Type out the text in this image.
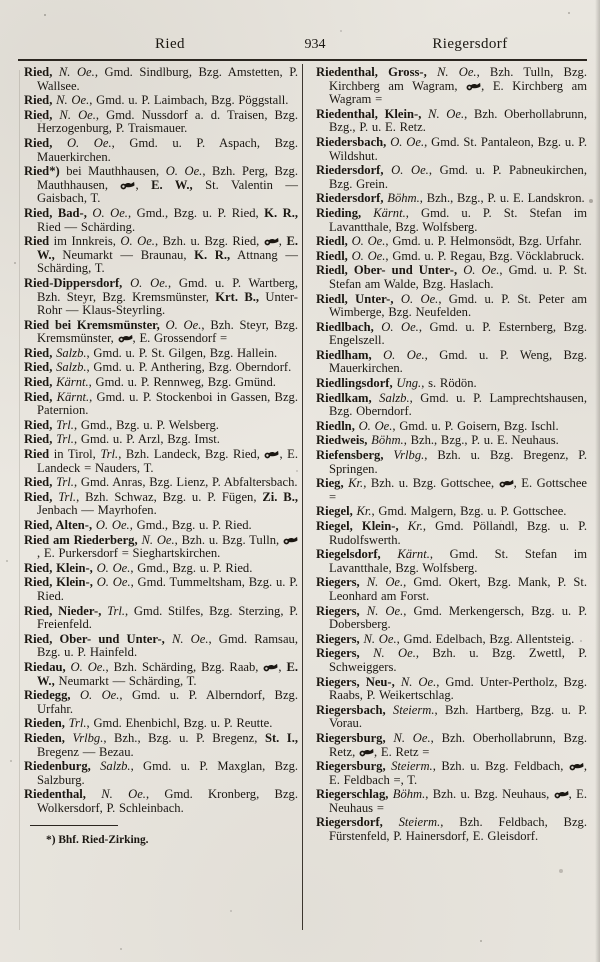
Ried	934	Riegersdorf

Ried, N. Oe., Gmd. Sindlburg, Bzg. Amstetten, P. Wallsee.

Ried, N. Oe., Gmd. u. P. Laimbach, Bzg. Pöggstall.

Ried, N. Oe., Gmd. Nussdorf a. d. Traisen, Bzg. Herzogenburg, P. Traismauer.

Ried, O. Oe., Gmd. u. P. Aspach, Bzg. Mauerkirchen.

Ried*) bei Mauthhausen, O. Oe., Bzh. Perg, Bzg. Mauthhausen,
, E. W., St. Valentin — Gaisbach, T.

Ried, Bad-, O. Oe., Gmd., Bzg. u. P. Ried, K. R., Ried — Schärding.

Ried im Innkreis, O. Oe., Bzh. u. Bzg. Ried,
, E. W., Neumarkt — Braunau, K. R., Attnang — Schärding, T.

Ried-Dippersdorf, O. Oe., Gmd. u. P. Wartberg, Bzh. Steyr, Bzg. Kremsmünster, Krt. B., Unter-Rohr — Klaus-Steyrling.

Ried bei Kremsmünster, O. Oe., Bzh. Steyr, Bzg. Kremsmünster,
, E. Grossendorf =

Ried, Salzb., Gmd. u. P. St. Gilgen, Bzg. Hallein.

Ried, Salzb., Gmd. u. P. Anthering, Bzg. Oberndorf.

Ried, Kärnt., Gmd. u. P. Rennweg, Bzg. Gmünd.

Ried, Kärnt., Gmd. u. P. Stockenboi in Gassen, Bzg. Paternion.

Ried, Trl., Gmd., Bzg. u. P. Welsberg.

Ried, Trl., Gmd. u. P. Arzl, Bzg. Imst.

Ried in Tirol, Trl., Bzh. Landeck, Bzg. Ried,
, E. Landeck = Nauders, T.

Ried, Trl., Gmd. Anras, Bzg. Lienz, P. Abfaltersbach.

Ried, Trl., Bzh. Schwaz, Bzg. u. P. Fügen, Zi. B., Jenbach — Mayrhofen.

Ried, Alten-, O. Oe., Gmd., Bzg. u. P. Ried.

Ried am Riederberg, N. Oe., Bzh. u. Bzg. Tulln,
, E. Purkersdorf = Sieghartskirchen.

Ried, Klein-, O. Oe., Gmd., Bzg. u. P. Ried.

Ried, Klein-, O. Oe., Gmd. Tummeltsham, Bzg. u. P. Ried.

Ried, Nieder-, Trl., Gmd. Stilfes, Bzg. Sterzing, P. Freienfeld.

Ried, Ober- und Unter-, N. Oe., Gmd. Ramsau, Bzg. u. P. Hainfeld.

Riedau, O. Oe., Bzh. Schärding, Bzg. Raab,
, E. W., Neumarkt — Schärding, T.

Riedegg, O. Oe., Gmd. u. P. Alberndorf, Bzg. Urfahr.

Rieden, Trl., Gmd. Ehenbichl, Bzg. u. P. Reutte.

Rieden, Vrlbg., Bzh., Bzg. u. P. Bregenz, St. I., Bregenz — Bezau.

Riedenburg, Salzb., Gmd. u. P. Maxglan, Bzg. Salzburg.

Riedenthal, N. Oe., Gmd. Kronberg, Bzg. Wolkersdorf, P. Schleinbach.

*) Bhf. Ried-Zirking.

Riedenthal, Gross-, N. Oe., Bzh. Tulln, Bzg. Kirchberg am Wagram,
, E. Kirchberg am Wagram =

Riedenthal, Klein-, N. Oe., Bzh. Oberhollabrunn, Bzg., P. u. E. Retz.

Riedersbach, O. Oe., Gmd. St. Pantaleon, Bzg. u. P. Wildshut.

Riedersdorf, O. Oe., Gmd. u. P. Pabneukirchen, Bzg. Grein.

Riedersdorf, Böhm., Bzh., Bzg., P. u. E. Landskron.

Rieding, Kärnt., Gmd. u. P. St. Stefan im Lavantthale, Bzg. Wolfsberg.

Riedl, O. Oe., Gmd. u. P. Helmonsödt, Bzg. Urfahr.

Riedl, O. Oe., Gmd. u. P. Regau, Bzg. Vöcklabruck.

Riedl, Ober- und Unter-, O. Oe., Gmd. u. P. St. Stefan am Walde, Bzg. Haslach.

Riedl, Unter-, O. Oe., Gmd. u. P. St. Peter am Wimberge, Bzg. Neufelden.

Riedlbach, O. Oe., Gmd. u. P. Esternberg, Bzg. Engelszell.

Riedlham, O. Oe., Gmd. u. P. Weng, Bzg. Mauerkirchen.

Riedlingsdorf, Ung., s. Rödön.

Riedlkam, Salzb., Gmd. u. P. Lamprechtshausen, Bzg. Oberndorf.

Riedln, O. Oe., Gmd. u. P. Goisern, Bzg. Ischl.

Riedweis, Böhm., Bzh., Bzg., P. u. E. Neuhaus.

Riefensberg, Vrlbg., Bzh. u. Bzg. Bregenz, P. Springen.

Rieg, Kr., Bzh. u. Bzg. Gottschee,
, E. Gottschee =

Riegel, Kr., Gmd. Malgern, Bzg. u. P. Gottschee.

Riegel, Klein-, Kr., Gmd. Pöllandl, Bzg. u. P. Rudolfswerth.

Riegelsdorf, Kärnt., Gmd. St. Stefan im Lavantthale, Bzg. Wolfsberg.

Riegers, N. Oe., Gmd. Okert, Bzg. Mank, P. St. Leonhard am Forst.

Riegers, N. Oe., Gmd. Merkengersch, Bzg. u. P. Dobersberg.

Riegers, N. Oe., Gmd. Edelbach, Bzg. Allentsteig.

Riegers, N. Oe., Bzh. u. Bzg. Zwettl, P. Schweiggers.

Riegers, Neu-, N. Oe., Gmd. Unter-Pertholz, Bzg. Raabs, P. Weikertschlag.

Riegersbach, Steierm., Bzh. Hartberg, Bzg. u. P. Vorau.

Riegersburg, N. Oe., Bzh. Oberhollabrunn, Bzg. Retz,
, E. Retz =

Riegersburg, Steierm., Bzh. u. Bzg. Feldbach,
, E. Feldbach =, T.

Riegerschlag, Böhm., Bzh. u. Bzg. Neuhaus,
, E. Neuhaus =

Riegersdorf, Steierm., Bzh. Feldbach, Bzg. Fürstenfeld, P. Hainersdorf, E. Gleisdorf.
